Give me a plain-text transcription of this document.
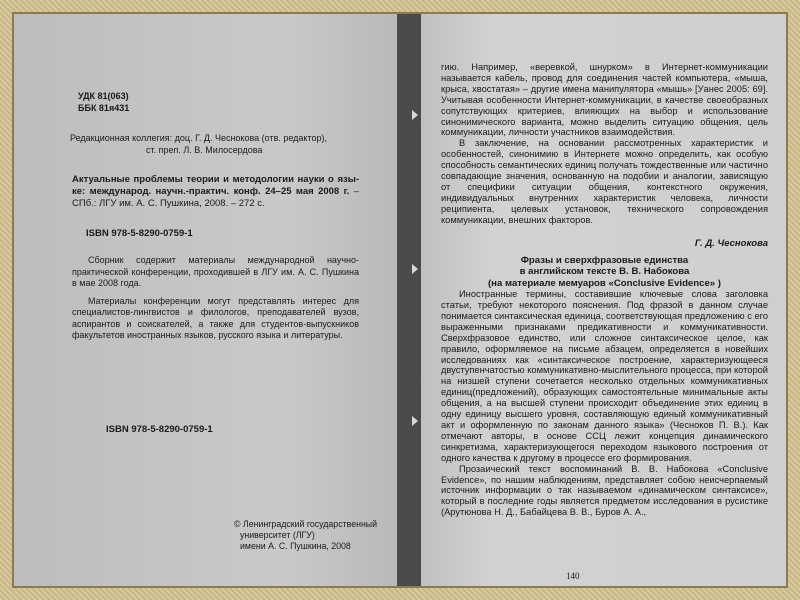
УДК 81(063)
ББК 81я431
Редакционная коллегия: доц. Г. Д. Чеснокова (отв. редактор),
ст. преп. Л. В. Милосердова
Актуальные проблемы теории и методологии науки о язы-ке: международ. научн.-практич. конф. 24–25 мая 2008 г. – СПб.: ЛГУ им. А. С. Пушкина, 2008. – 272 с.
ISBN 978-5-8290-0759-1

Сборник содержит материалы международной научно-практической конференции, проходившей в ЛГУ им. А. С. Пушкина в мае 2008 года.

Материалы конференции могут представлять интерес для специалистов-лингвистов и филологов, преподавателей вузов, аспирантов и соискателей, а также для студентов-выпускников факультетов иностранных языков, русского языка и литературы.

ISBN 978-5-8290-0759-1
© Ленинградский государственный
университет (ЛГУ)
имени А. С. Пушкина, 2008

гию. Например, «веревкой, шнурком» в Интернет-коммуникации называется кабель, провод для соединения частей компьютера, «мыша, крыса, хвостатая» – другие имена манипулятора «мышь» [Уанес 2005: 69]. Учитывая особенности Интернет-коммуникации, в качестве своеобразных сопутствующих критериев, влияющих на выбор и использование синонимического варианта, можно выделить ситуацию общения, цель коммуникации, личности участников взаимодействия.

В заключение, на основании рассмотренных характеристик и особенностей, синонимию в Интернете можно определить, как особую способность семантических единиц получать тождественные или частично совпадающие значения, основанную на подобии и аналогии, зависящую от специфики ситуации общения, контекстного окружения, индивидуальных внутренних характеристик человека, личности реципиента, целевых установок, технического сопровождения коммуникации, внешних факторов.

Г. Д. Чеснокова
Фразы и сверхфразовые единства
в английском тексте В. В. Набокова
(на материале мемуаров «Conclusive Evidence» )

Иностранные термины, составившие ключевые слова заголовка статьи, требуют некоторого пояснения. Под фразой в данном случае понимается синтаксическая единица, соответствующая предложению с его выраженными признаками предикативности и коммуникативности. Сверхфразовое единство, или сложное синтаксическое целое, как правило, оформляемое на письме абзацем, определяется в новейших исследованиях как «синтаксическое построение, характеризующееся двуступенчатостью коммуникативно-мыслительного процесса, при которой на низшей ступени сочетается несколько отдельных коммуникативных единиц(предложений), образующих самостоятельные минимальные акты общения, а на высшей ступени происходит объединение этих единиц в одну единицу высшего уровня, составляющую единый коммуникативный акт и оформленную по законам данного языка» (Чесноков П. В.). Как отмечают авторы, в основе ССЦ лежит концепция динамического синкретизма, характеризующегося переходом языкового построения от одного качества к другому в процессе его формирования.

Прозаический текст воспоминаний В. В. Набокова «Conclusive Evidence», по нашим наблюдениям, представляет собою неисчерпаемый источник информации о так называемом «динамическом синтаксисе», который в последние годы является предметом исследования в русистике (Арутюнова Н. Д., Бабайцева В. В., Буров А. А.,

140
